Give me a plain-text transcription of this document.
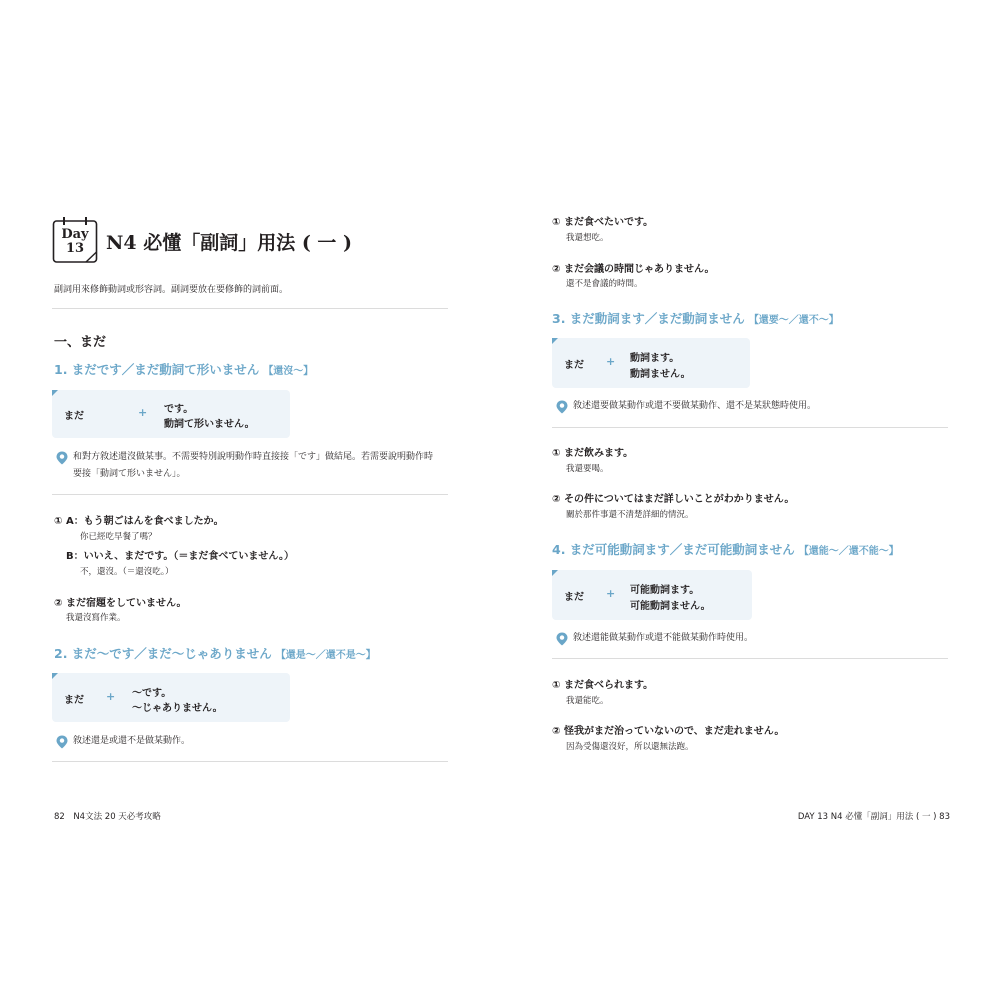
Day
13	N4 必懂「副詞」用法 ( 一 )
副詞用來修飾動詞或形容詞。副詞要放在要修飾的詞前面。
一、まだ
1. まだです／まだ動詞て形いません 【還沒～】
まだ	+ です。
動詞て形いません。
和對方敘述還沒做某事。不需要特別說明動作時直接接「です」做結尾。若需要說明動作時
要接「動詞て形いません」。
① A：もう朝ごはんを食べましたか。
你已經吃早餐了嗎？
B：いいえ、まだです。（＝まだ食べていません。）
不，還沒。（＝還沒吃。）
② まだ宿題をしていません。
我還沒寫作業。
2. まだ～です／まだ～じゃありません 【還是～／還不是～】
まだ + ～です。
～じゃありません。
敘述還是或還不是做某動作。
82　N4文法 20 天必考攻略
① まだ食べたいです。
我還想吃。
② まだ会議の時間じゃありません。
還不是會議的時間。
3. まだ動詞ます／まだ動詞ません 【還要～／還不～】
まだ + 動詞ます。
動詞ません。
敘述還要做某動作或還不要做某動作、還不是某狀態時使用。
① まだ飲みます。
我還要喝。
② その件についてはまだ詳しいことがわかりません。
關於那件事還不清楚詳細的情況。
4. まだ可能動詞ます／まだ可能動詞ません 【還能～／還不能～】
まだ + 可能動詞ます。
可能動詞ません。
敘述還能做某動作或還不能做某動作時使用。
① まだ食べられます。
我還能吃。
② 怪我がまだ治っていないので、まだ走れません。
因為受傷還沒好，所以還無法跑。
DAY 13 N4 必懂「副詞」用法 ( 一 ) 83
